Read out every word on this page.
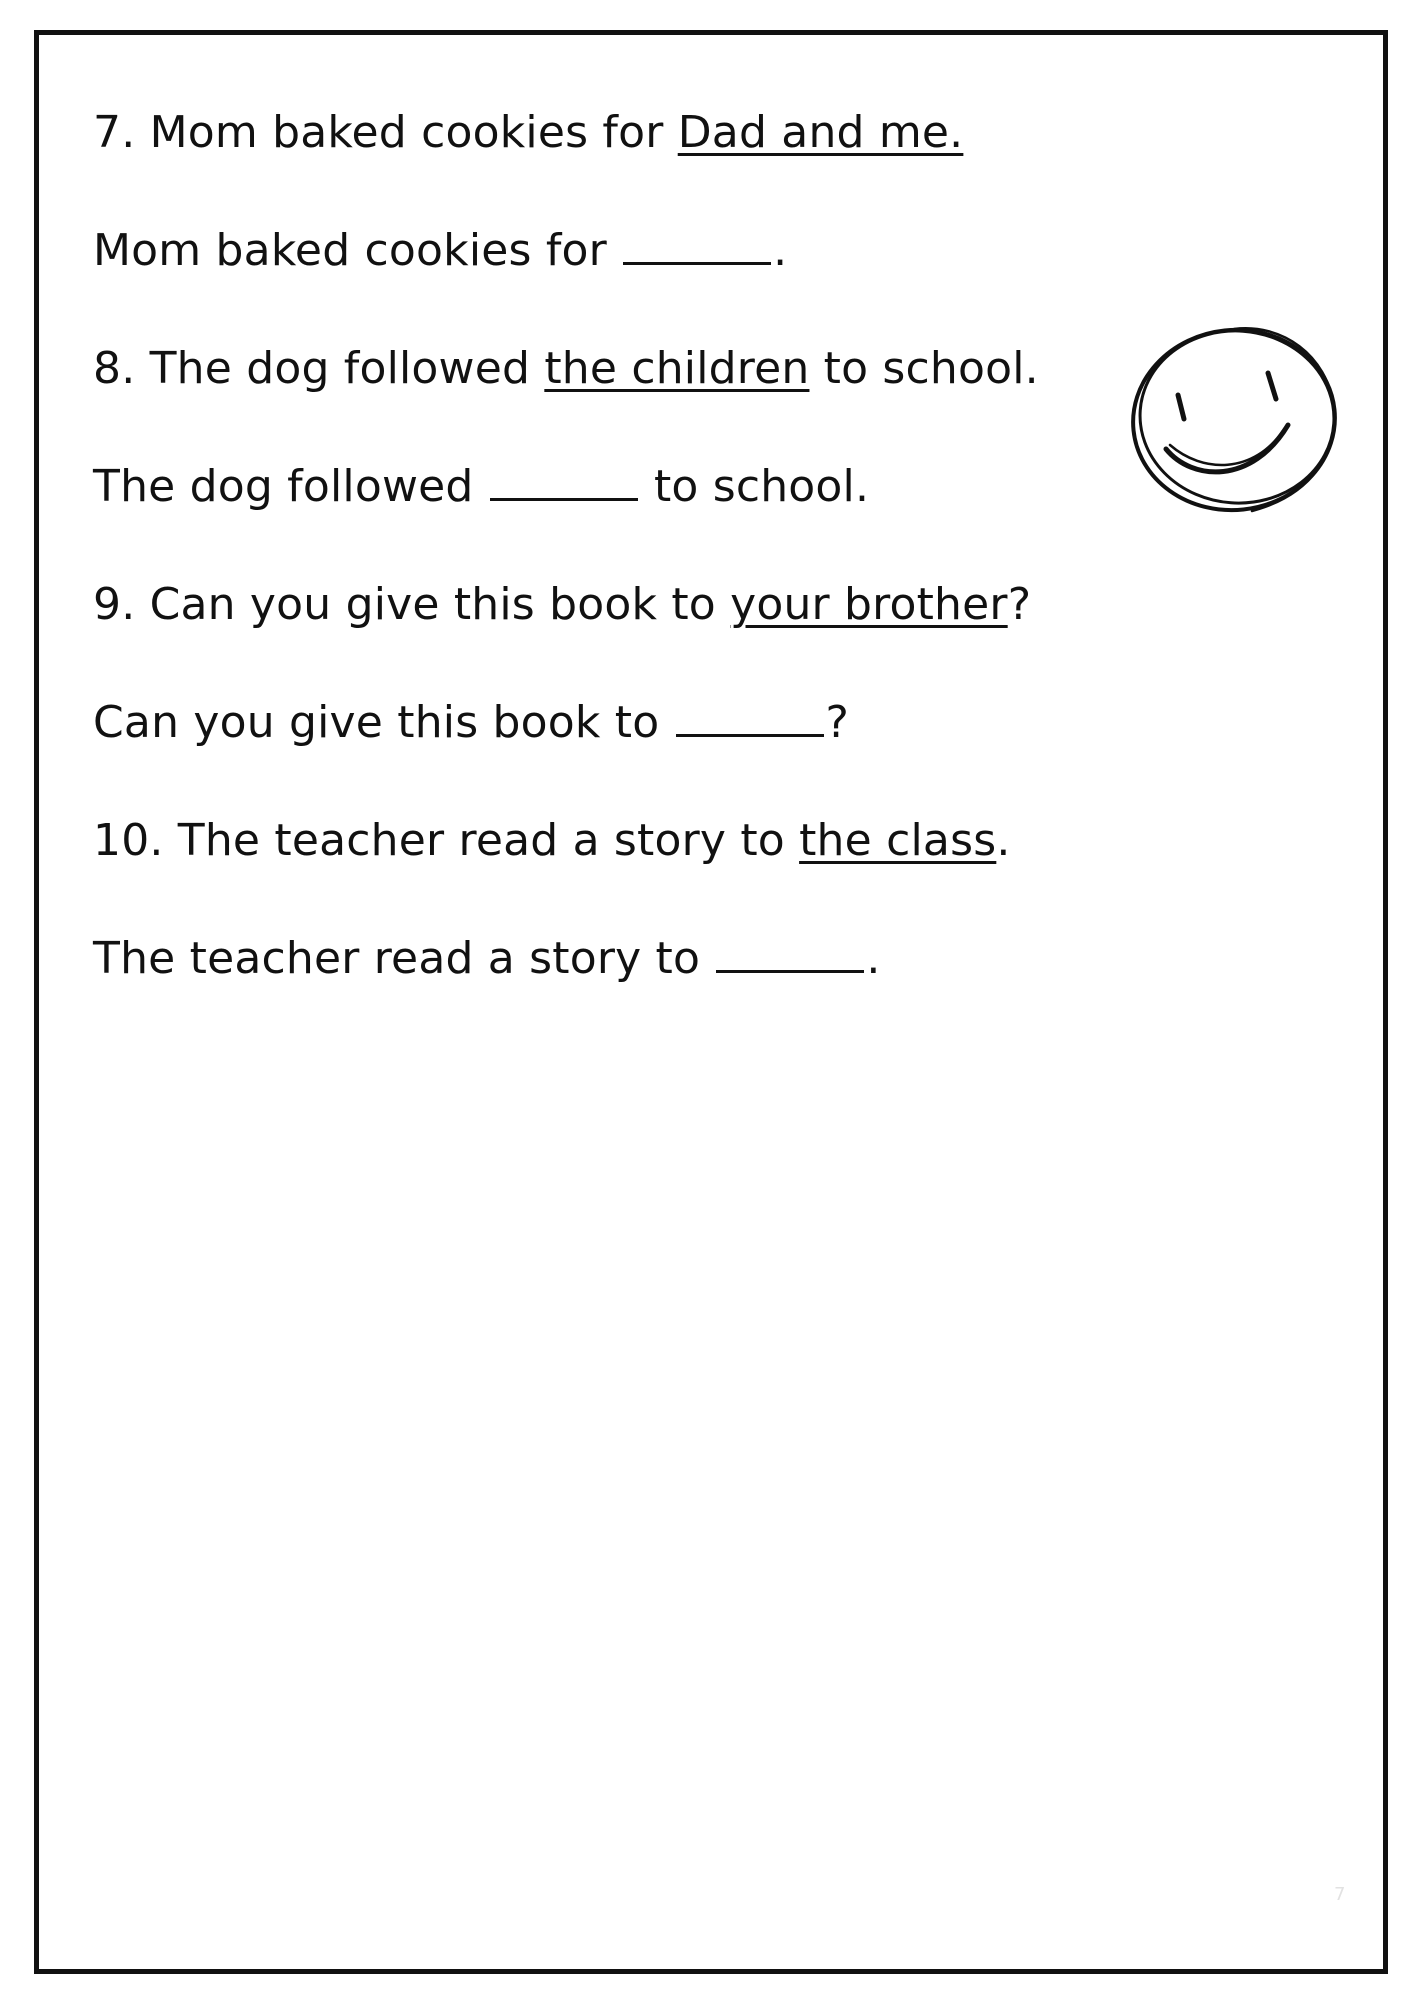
7. Mom baked cookies for Dad and me.
Mom baked cookies for	.
8. The dog followed the children to school.
The dog followed	to school.
9. Can you give this book to your brother?
Can you give this book to	?
10. The teacher read a story to the class.
The teacher read a story to	.
7
